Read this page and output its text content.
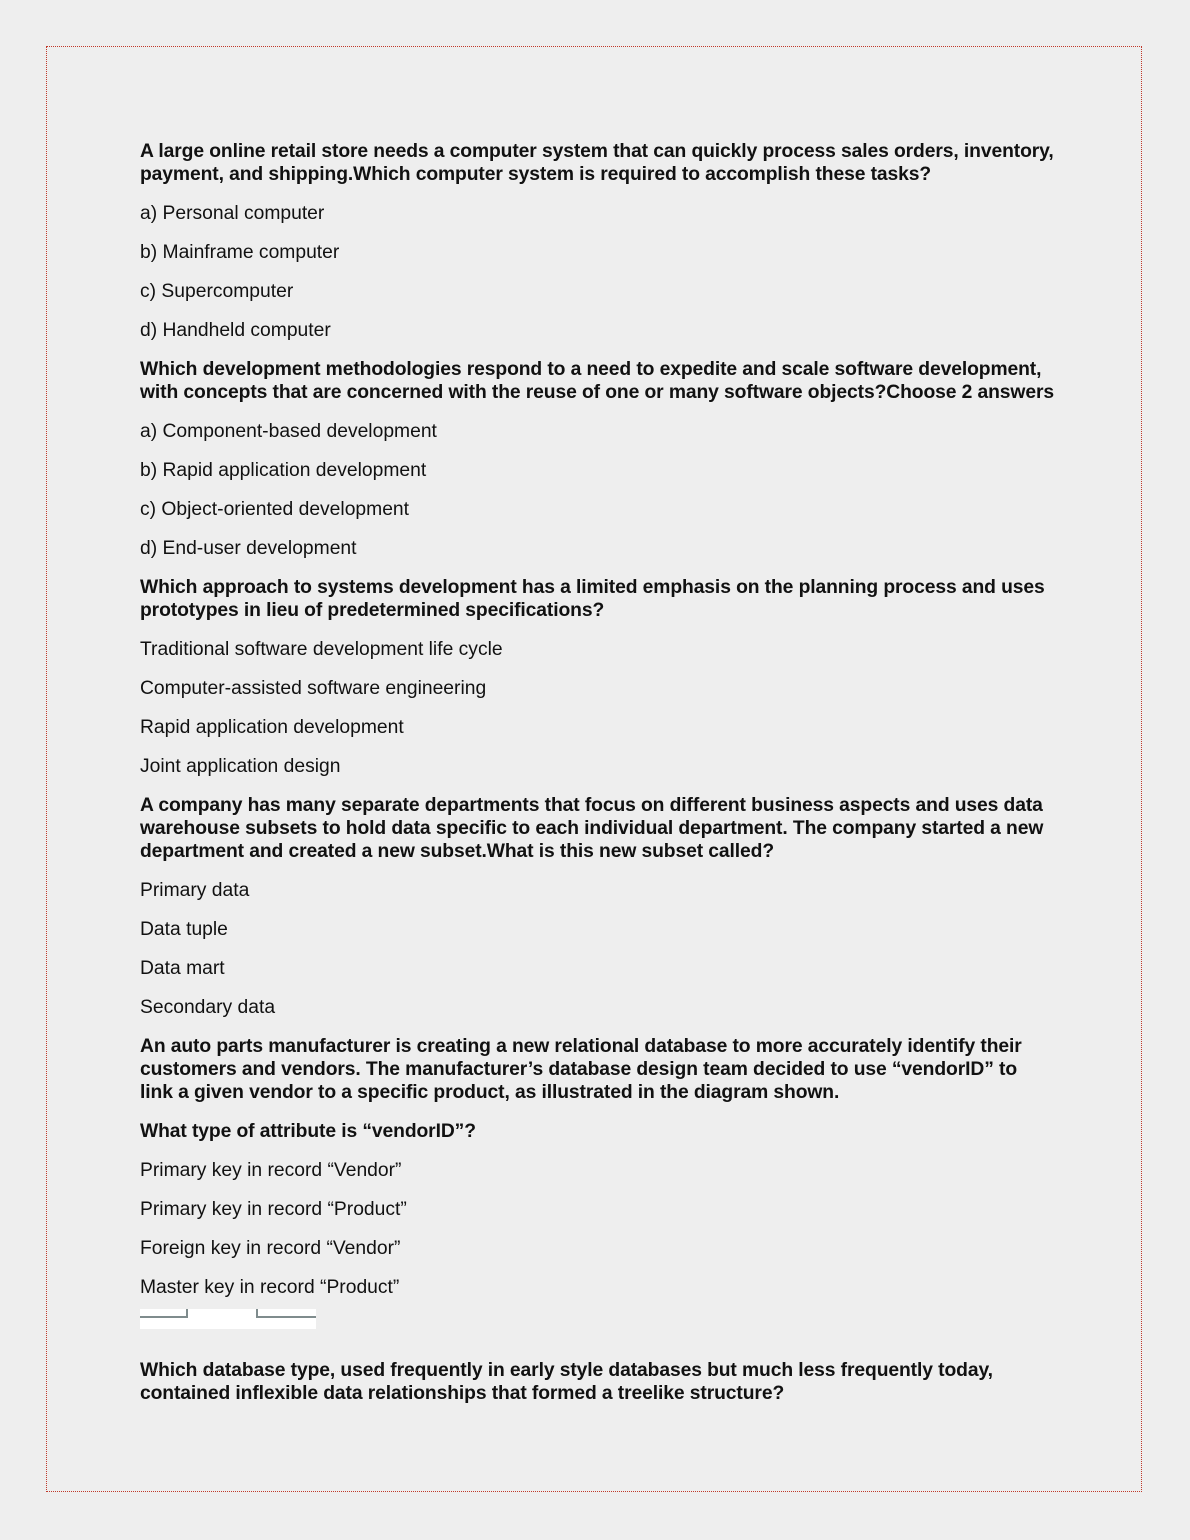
A large online retail store needs a computer system that can quickly process sales orders, inventory, payment, and shipping.Which computer system is required to accomplish these tasks?

a) Personal computer

b) Mainframe computer

c) Supercomputer

d) Handheld computer

Which development methodologies respond to a need to expedite and scale software development, with concepts that are concerned with the reuse of one or many software objects?Choose 2 answers

a) Component-based development

b) Rapid application development

c) Object-oriented development

d) End-user development

Which approach to systems development has a limited emphasis on the planning process and uses prototypes in lieu of predetermined specifications?

Traditional software development life cycle

Computer-assisted software engineering

Rapid application development

Joint application design

A company has many separate departments that focus on different business aspects and uses data warehouse subsets to hold data specific to each individual department. The company started a new department and created a new subset.What is this new subset called?

Primary data

Data tuple

Data mart

Secondary data

An auto parts manufacturer is creating a new relational database to more accurately identify their customers and vendors. The manufacturer’s database design team decided to use “vendorID” to link a given vendor to a specific product, as illustrated in the diagram shown.

What type of attribute is “vendorID”?

Primary key in record “Vendor”

Primary key in record “Product”

Foreign key in record “Vendor”

Master key in record “Product”

Which database type, used frequently in early style databases but much less frequently today, contained inflexible data relationships that formed a treelike structure?
